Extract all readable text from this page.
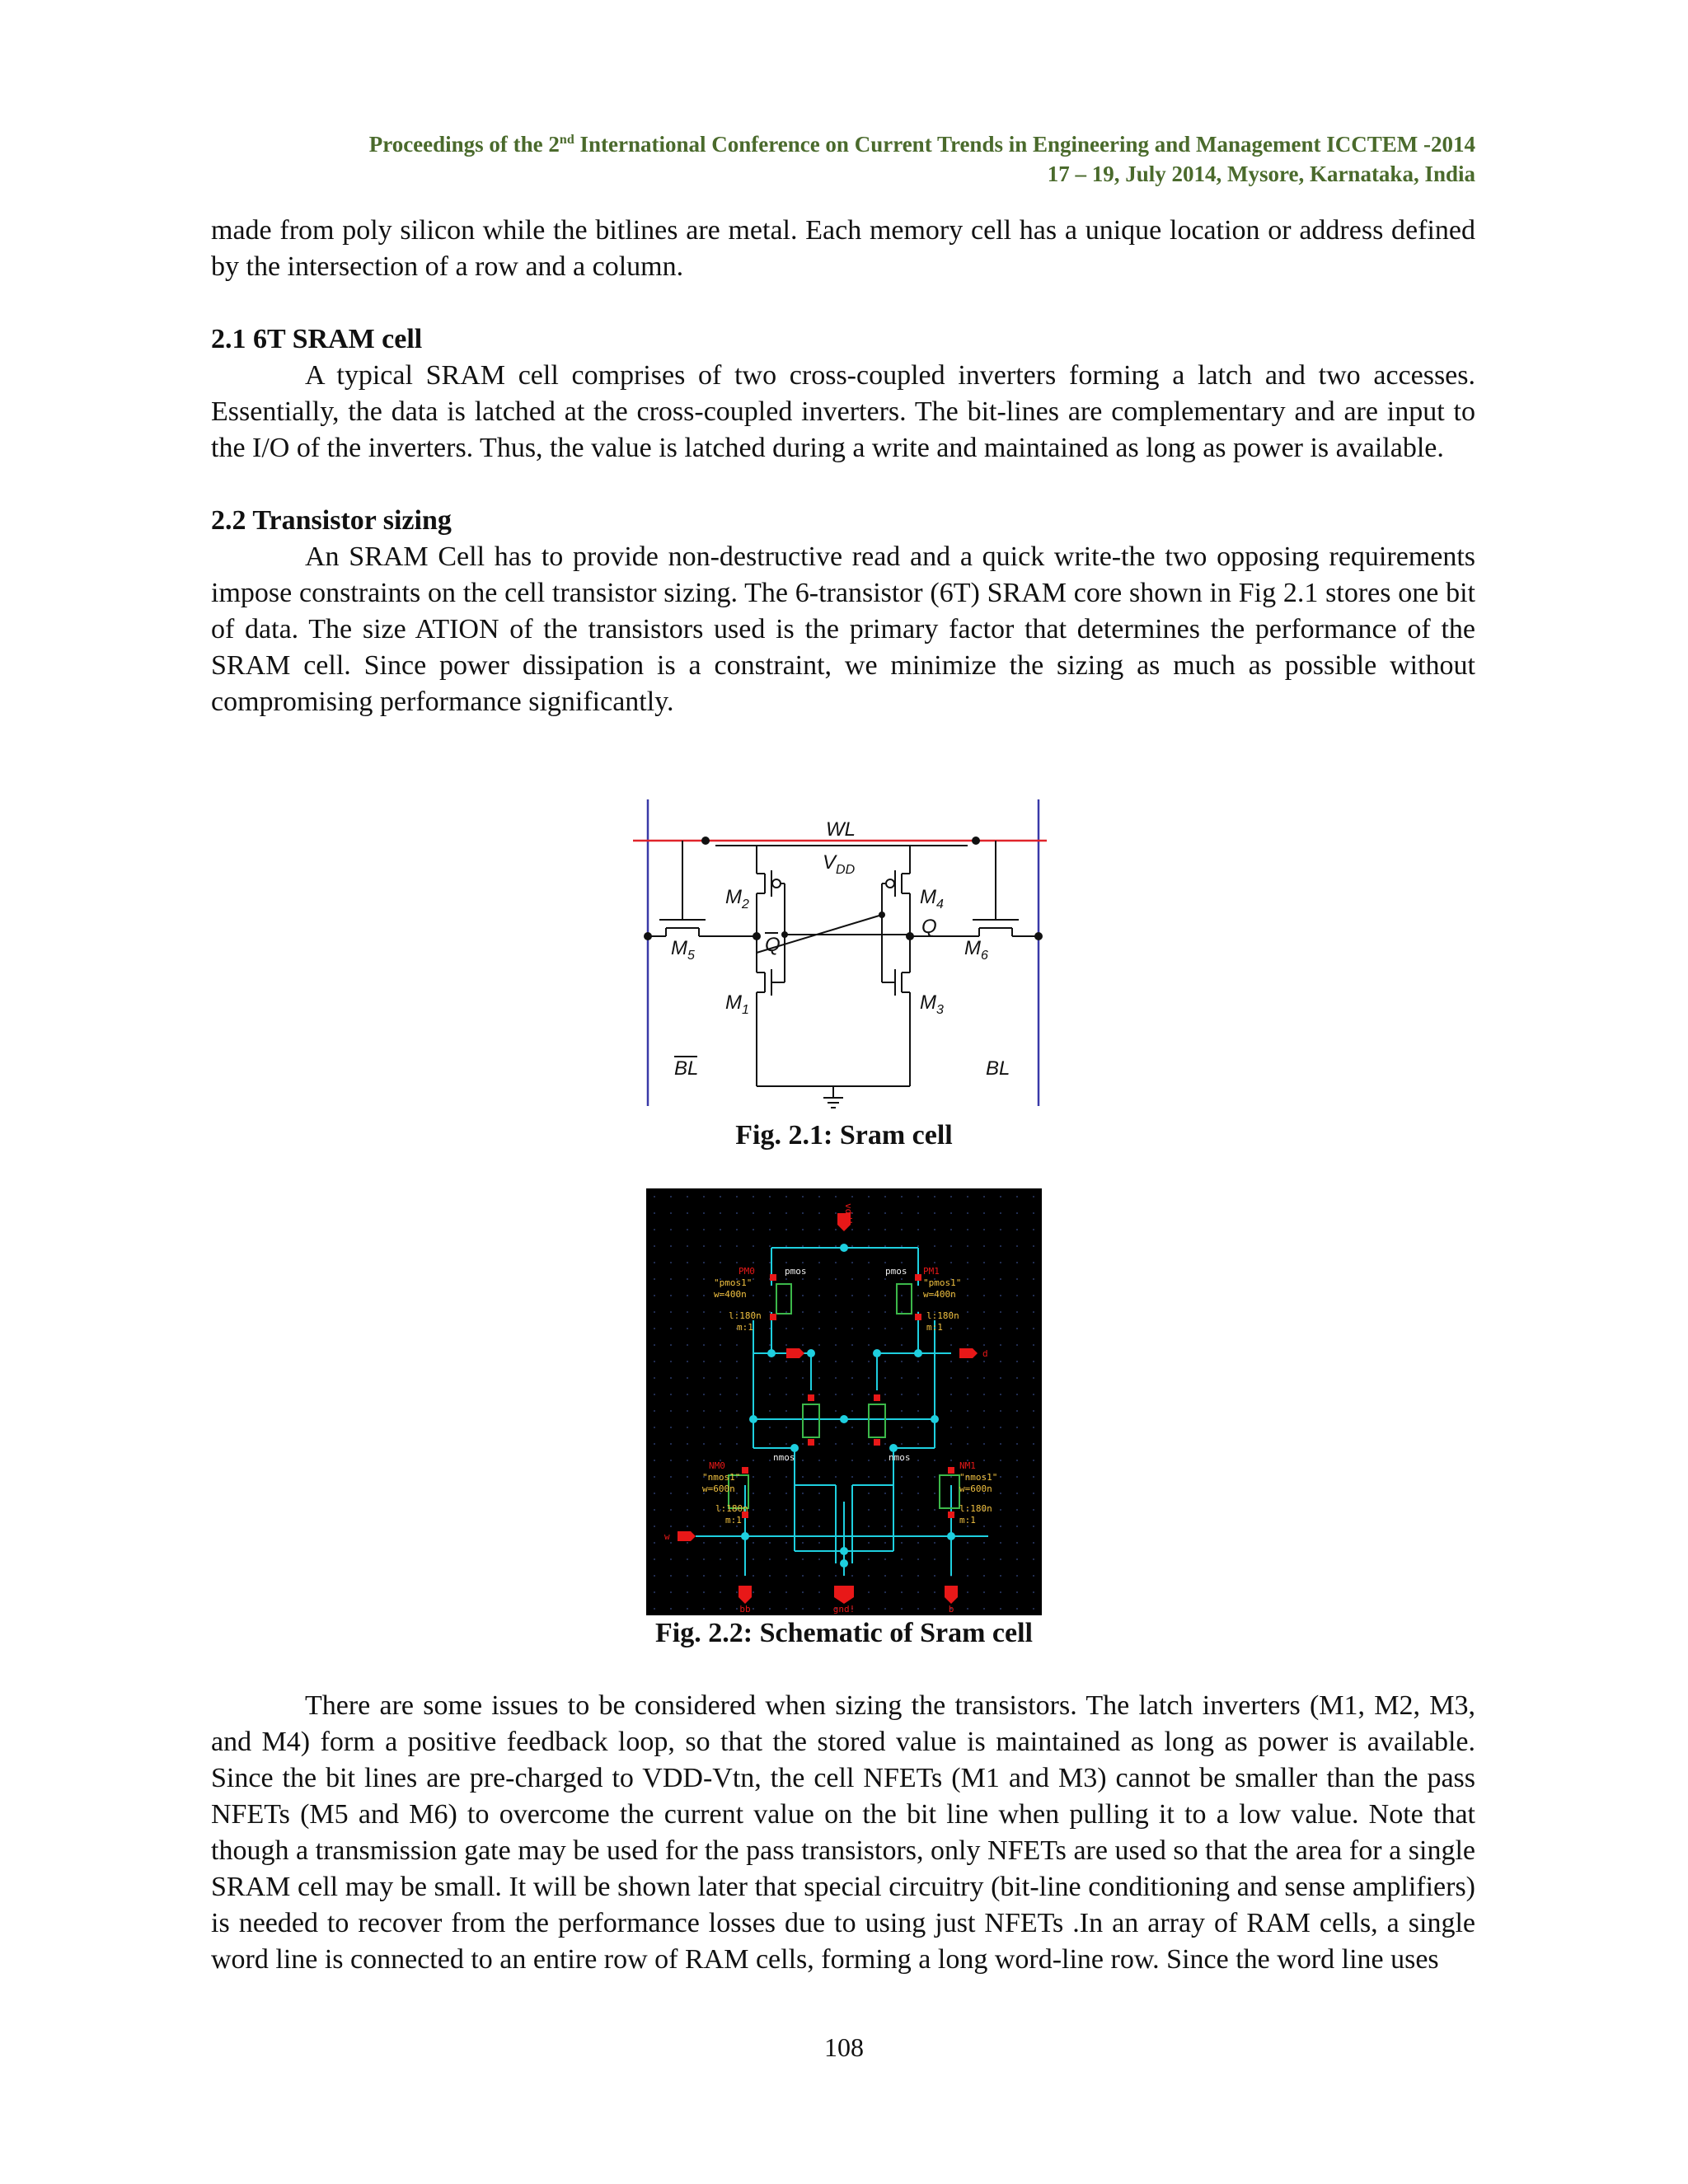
Proceedings of the 2nd International Conference on Current Trends in Engineering and Management ICCTEM -2014
17 – 19, July 2014, Mysore, Karnataka, India

made from poly silicon while the bitlines are metal. Each memory cell has a unique location or address defined by the intersection of a row and a column.

2.1 6T SRAM cell

A typical SRAM cell comprises of two cross-coupled inverters forming a latch and two accesses. Essentially, the data is latched at the cross-coupled inverters. The bit-lines are complementary and are input to the I/O of the inverters. Thus, the value is latched during a write and maintained as long as power is available.

2.2 Transistor sizing

An SRAM Cell has to provide non-destructive read and a quick write-the two opposing requirements impose constraints on the cell transistor sizing. The 6-transistor (6T) SRAM core shown in Fig 2.1 stores one bit of data. The size ATION of the transistors used is the primary factor that determines the performance of the SRAM cell. Since power dissipation is a constraint, we minimize the sizing as much as possible without compromising performance significantly.

WL
$V_{DD}$
$M_2$	$M_4$
$M_5$	$M_6$
Q
Q
$M_1$	$M_3$
BL	BL
Fig. 2.1: Sram cell
vdd!
gnd!
bb	b
w
d
PM0	pmos
"pmos1"
w=400n
l:180n
m:1
pmos PM1
"pmos1"
w=400n
l:180n
m:1
nmos	nmos
NM0
"nmos1"
w=600n
l:180n
m:1
NM1
"nmos1"
w=600n
l:180n
m:1
Fig. 2.2: Schematic of Sram cell

There are some issues to be considered when sizing the transistors. The latch inverters (M1, M2, M3, and M4) form a positive feedback loop, so that the stored value is maintained as long as power is available. Since the bit lines are pre-charged to VDD-Vtn, the cell NFETs (M1 and M3) cannot be smaller than the pass NFETs (M5 and M6) to overcome the current value on the bit line when pulling it to a low value. Note that though a transmission gate may be used for the pass transistors, only NFETs are used so that the area for a single SRAM cell may be small. It will be shown later that special circuitry (bit-line conditioning and sense amplifiers) is needed to recover from the performance losses due to using just NFETs .In an array of RAM cells, a single word line is connected to an entire row of RAM cells, forming a long word-line row. Since the word line uses

108
